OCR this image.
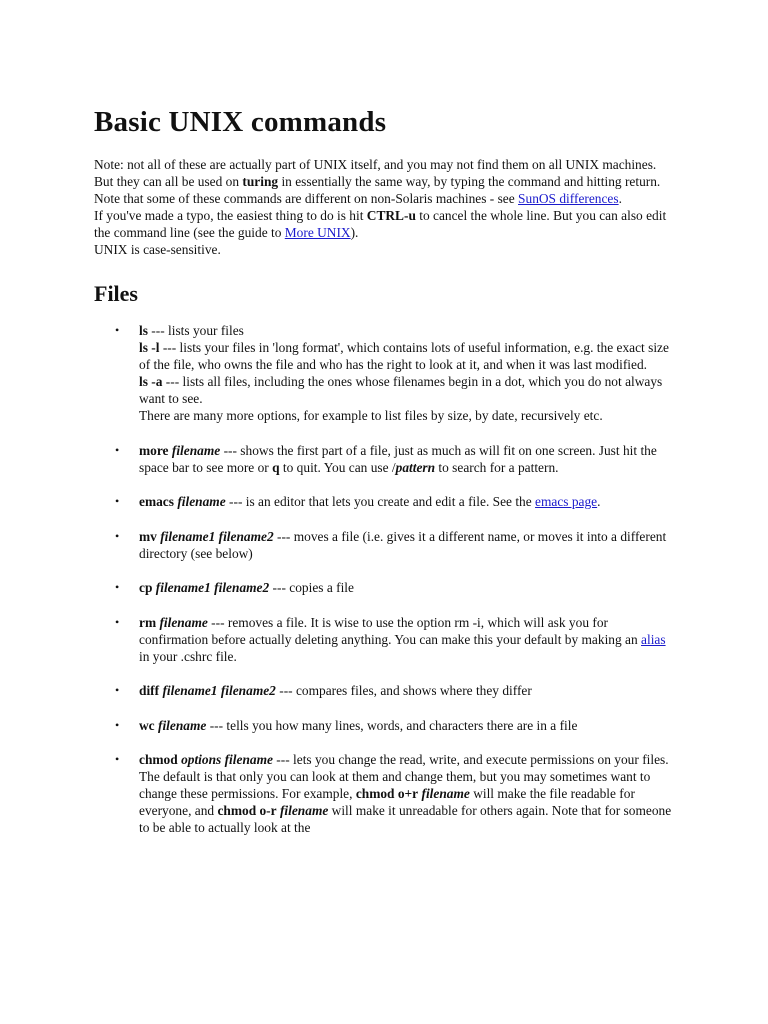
Basic UNIX commands
Note: not all of these are actually part of UNIX itself, and you may not find them on all UNIX machines. But they can all be used on turing in essentially the same way, by typing the command and hitting return. Note that some of these commands are different on non-Solaris machines - see SunOS differences.
If you've made a typo, the easiest thing to do is hit CTRL-u to cancel the whole line. But you can also edit the command line (see the guide to More UNIX).
UNIX is case-sensitive.
Files
• ls --- lists your files
ls -l --- lists your files in 'long format', which contains lots of useful information, e.g. the exact size of the file, who owns the file and who has the right to look at it, and when it was last modified.
ls -a --- lists all files, including the ones whose filenames begin in a dot, which you do not always want to see.
There are many more options, for example to list files by size, by date, recursively etc.
• more filename --- shows the first part of a file, just as much as will fit on one screen. Just hit the space bar to see more or q to quit. You can use /pattern to search for a pattern.
• emacs filename --- is an editor that lets you create and edit a file. See the emacs page.
• mv filename1 filename2 --- moves a file (i.e. gives it a different name, or moves it into a different directory (see below)
• cp filename1 filename2 --- copies a file
• rm filename --- removes a file. It is wise to use the option rm -i, which will ask you for confirmation before actually deleting anything. You can make this your default by making an alias in your .cshrc file.
• diff filename1 filename2 --- compares files, and shows where they differ
• wc filename --- tells you how many lines, words, and characters there are in a file
• chmod options filename --- lets you change the read, write, and execute permissions on your files. The default is that only you can look at them and change them, but you may sometimes want to change these permissions. For example, chmod o+r filename will make the file readable for everyone, and chmod o-r filename will make it unreadable for others again. Note that for someone to be able to actually look at the
